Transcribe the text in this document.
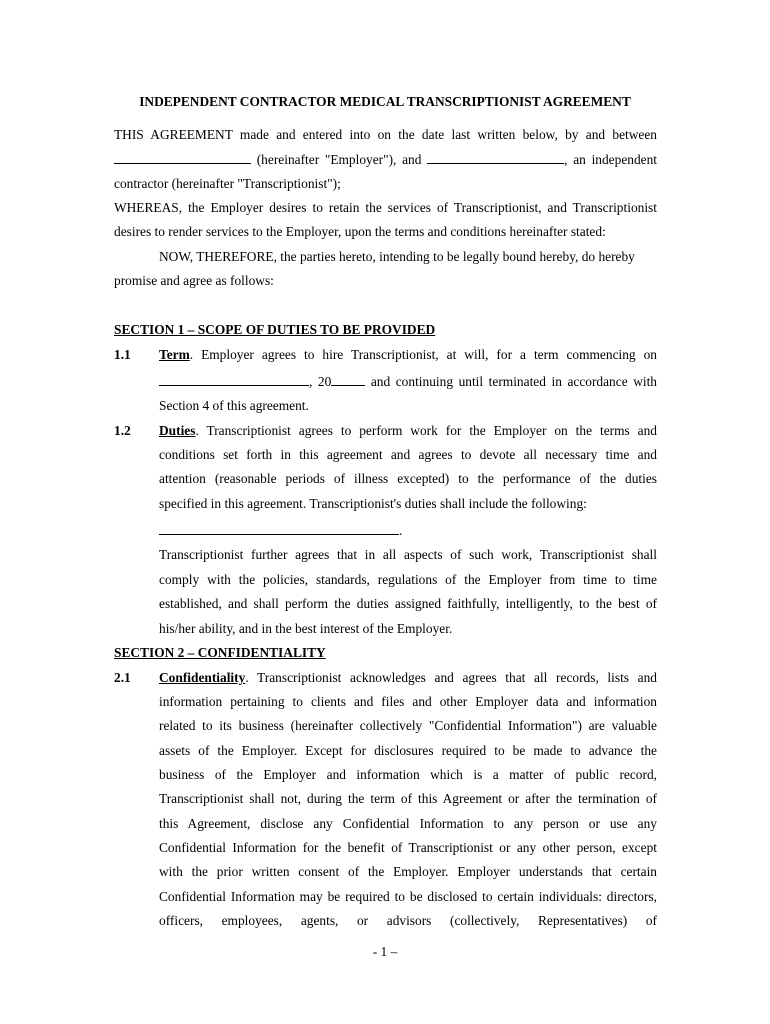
INDEPENDENT CONTRACTOR MEDICAL TRANSCRIPTIONIST AGREEMENT
THIS AGREEMENT made and entered into on the date last written below, by and between
(hereinafter "Employer"), and	, an independent
contractor (hereinafter "Transcriptionist");
WHEREAS, the Employer desires to retain the services of Transcriptionist, and Transcriptionist
desires to render services to the Employer, upon the terms and conditions hereinafter stated:
NOW, THEREFORE, the parties hereto, intending to be legally bound hereby, do hereby
promise and agree as follows:
SECTION 1 – SCOPE OF DUTIES TO BE PROVIDED
1.1 Term. Employer agrees to hire Transcriptionist, at will, for a term commencing on
, 20	and continuing until terminated in accordance with
Section 4 of this agreement.
1.2 Duties. Transcriptionist agrees to perform work for the Employer on the terms and
conditions set forth in this agreement and agrees to devote all necessary time and
attention (reasonable periods of illness excepted) to the performance of the duties
specified in this agreement. Transcriptionist's duties shall include the following:
.
Transcriptionist further agrees that in all aspects of such work, Transcriptionist shall
comply with the policies, standards, regulations of the Employer from time to time
established, and shall perform the duties assigned faithfully, intelligently, to the best of
his/her ability, and in the best interest of the Employer.
SECTION 2 – CONFIDENTIALITY
2.1 Confidentiality. Transcriptionist acknowledges and agrees that all records, lists and
information pertaining to clients and files and other Employer data and information
related to its business (hereinafter collectively "Confidential Information") are valuable
assets of the Employer. Except for disclosures required to be made to advance the
business of the Employer and information which is a matter of public record,
Transcriptionist shall not, during the term of this Agreement or after the termination of
this Agreement, disclose any Confidential Information to any person or use any
Confidential Information for the benefit of Transcriptionist or any other person, except
with the prior written consent of the Employer. Employer understands that certain
Confidential Information may be required to be disclosed to certain individuals: directors,
officers, employees, agents, or advisors (collectively, Representatives) of
- 1 –
